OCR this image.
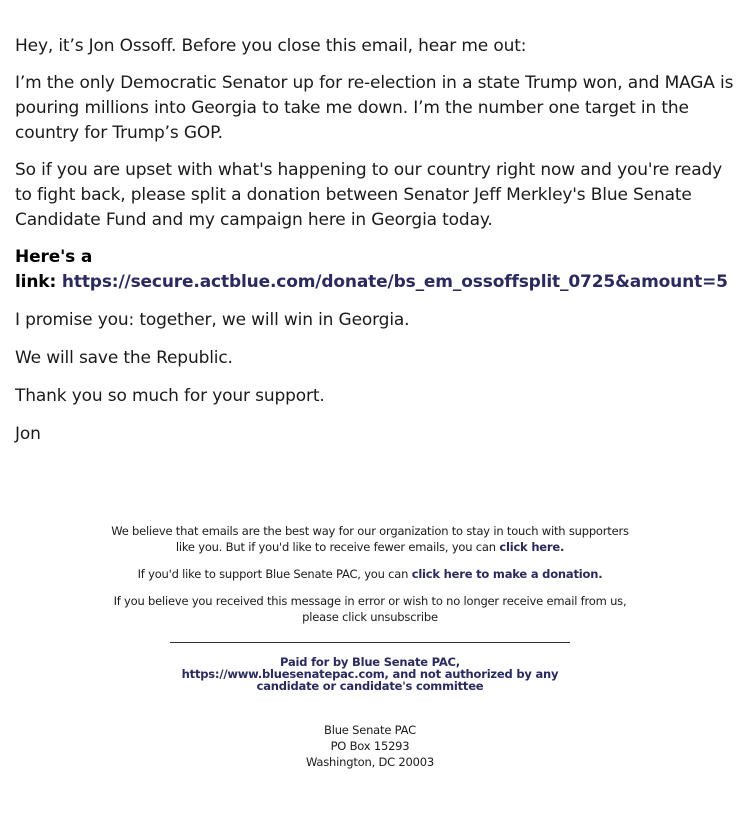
Hey, it’s Jon Ossoff. Before you close this email, hear me out:

I’m the only Democratic Senator up for re-election in a state Trump won, and MAGA is pouring millions into Georgia to take me down. I’m the number one target in the country for Trump’s GOP.

So if you are upset with what's happening to our country right now and you're ready to fight back, please split a donation between Senator Jeff Merkley's Blue Senate Candidate Fund and my campaign here in Georgia today.

Here's a
link: https://secure.actblue.com/donate/bs_em_ossoffsplit_0725&amount=5

I promise you: together, we will win in Georgia.

We will save the Republic.

Thank you so much for your support.

Jon

We believe that emails are the best way for our organization to stay in touch with supporters like you. But if you'd like to receive fewer emails, you can click here.

If you'd like to support Blue Senate PAC, you can click here to make a donation.

If you believe you received this message in error or wish to no longer receive email from us, please click unsubscribe

Paid for by Blue Senate PAC,
https://www.bluesenatepac.com, and not authorized by any
candidate or candidate's committee
Blue Senate PAC
PO Box 15293
Washington, DC 20003
